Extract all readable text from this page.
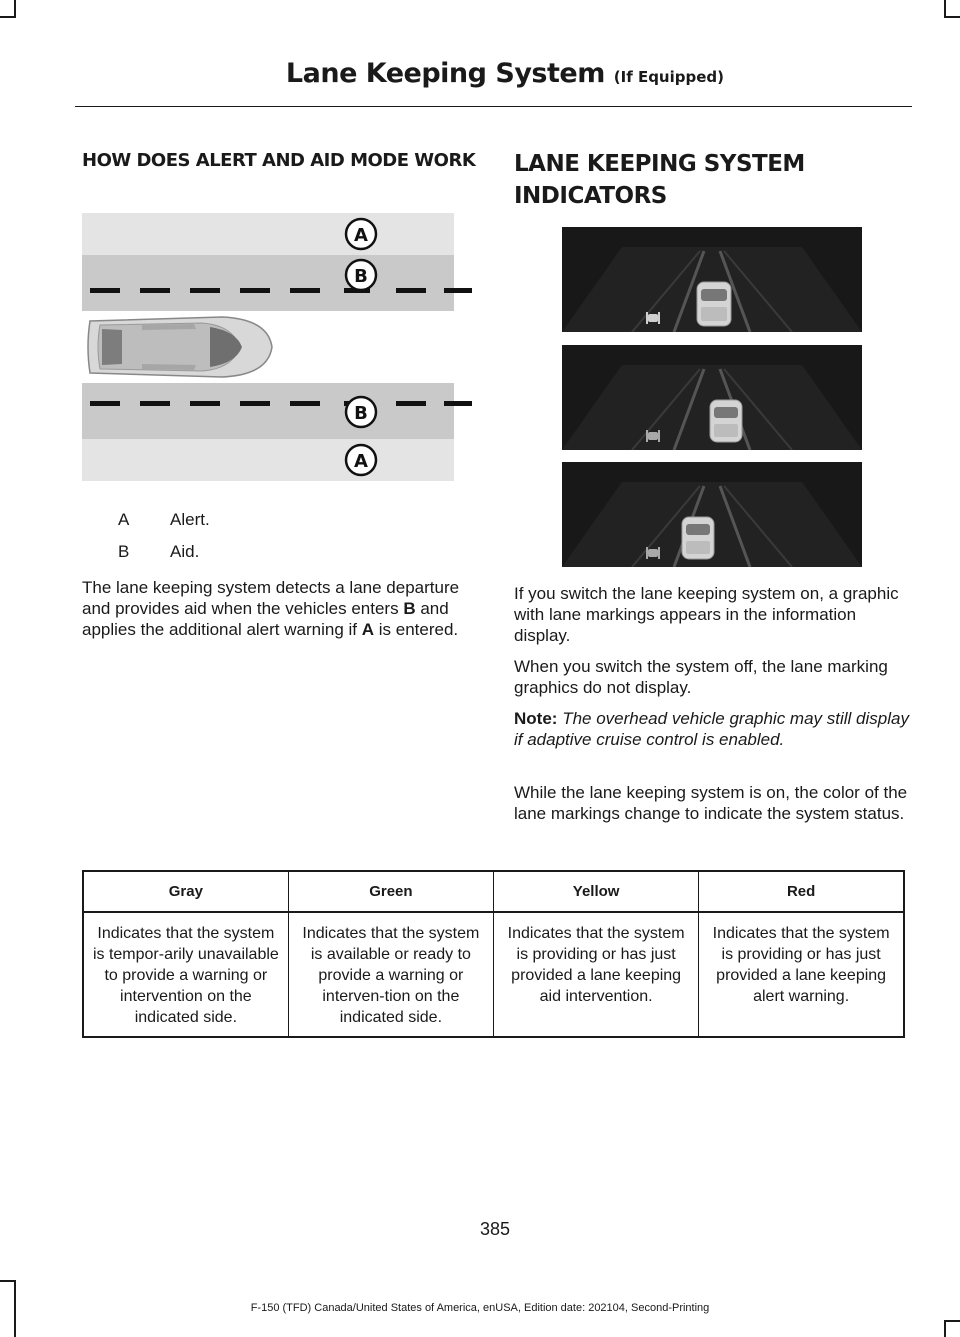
Lane Keeping System (If Equipped)
HOW DOES ALERT AND AID MODE WORK
A
B
B
A
A	Alert.
B	Aid.
The lane keeping system detects a lane departure and provides aid when the vehicles enters B and applies the additional alert warning if A is entered.
LANE KEEPING SYSTEM INDICATORS
If you switch the lane keeping system on, a graphic with lane markings appears in the information display.
When you switch the system off, the lane marking graphics do not display.
Note: The overhead vehicle graphic may still display if adaptive cruise control is enabled.
While the lane keeping system is on, the color of the lane markings change to indicate the system status.
Gray	Green	Yellow	Red
Indicates that the system is tempor-arily unavailable to provide a warning or intervention on the indicated side.	Indicates that the system is available or ready to provide a warning or interven-tion on the indicated side.	Indicates that the system is providing or has just provided a lane keeping aid intervention.	Indicates that the system is providing or has just provided a lane keeping alert warning.
385
F-150 (TFD) Canada/United States of America, enUSA, Edition date: 202104, Second-Printing
